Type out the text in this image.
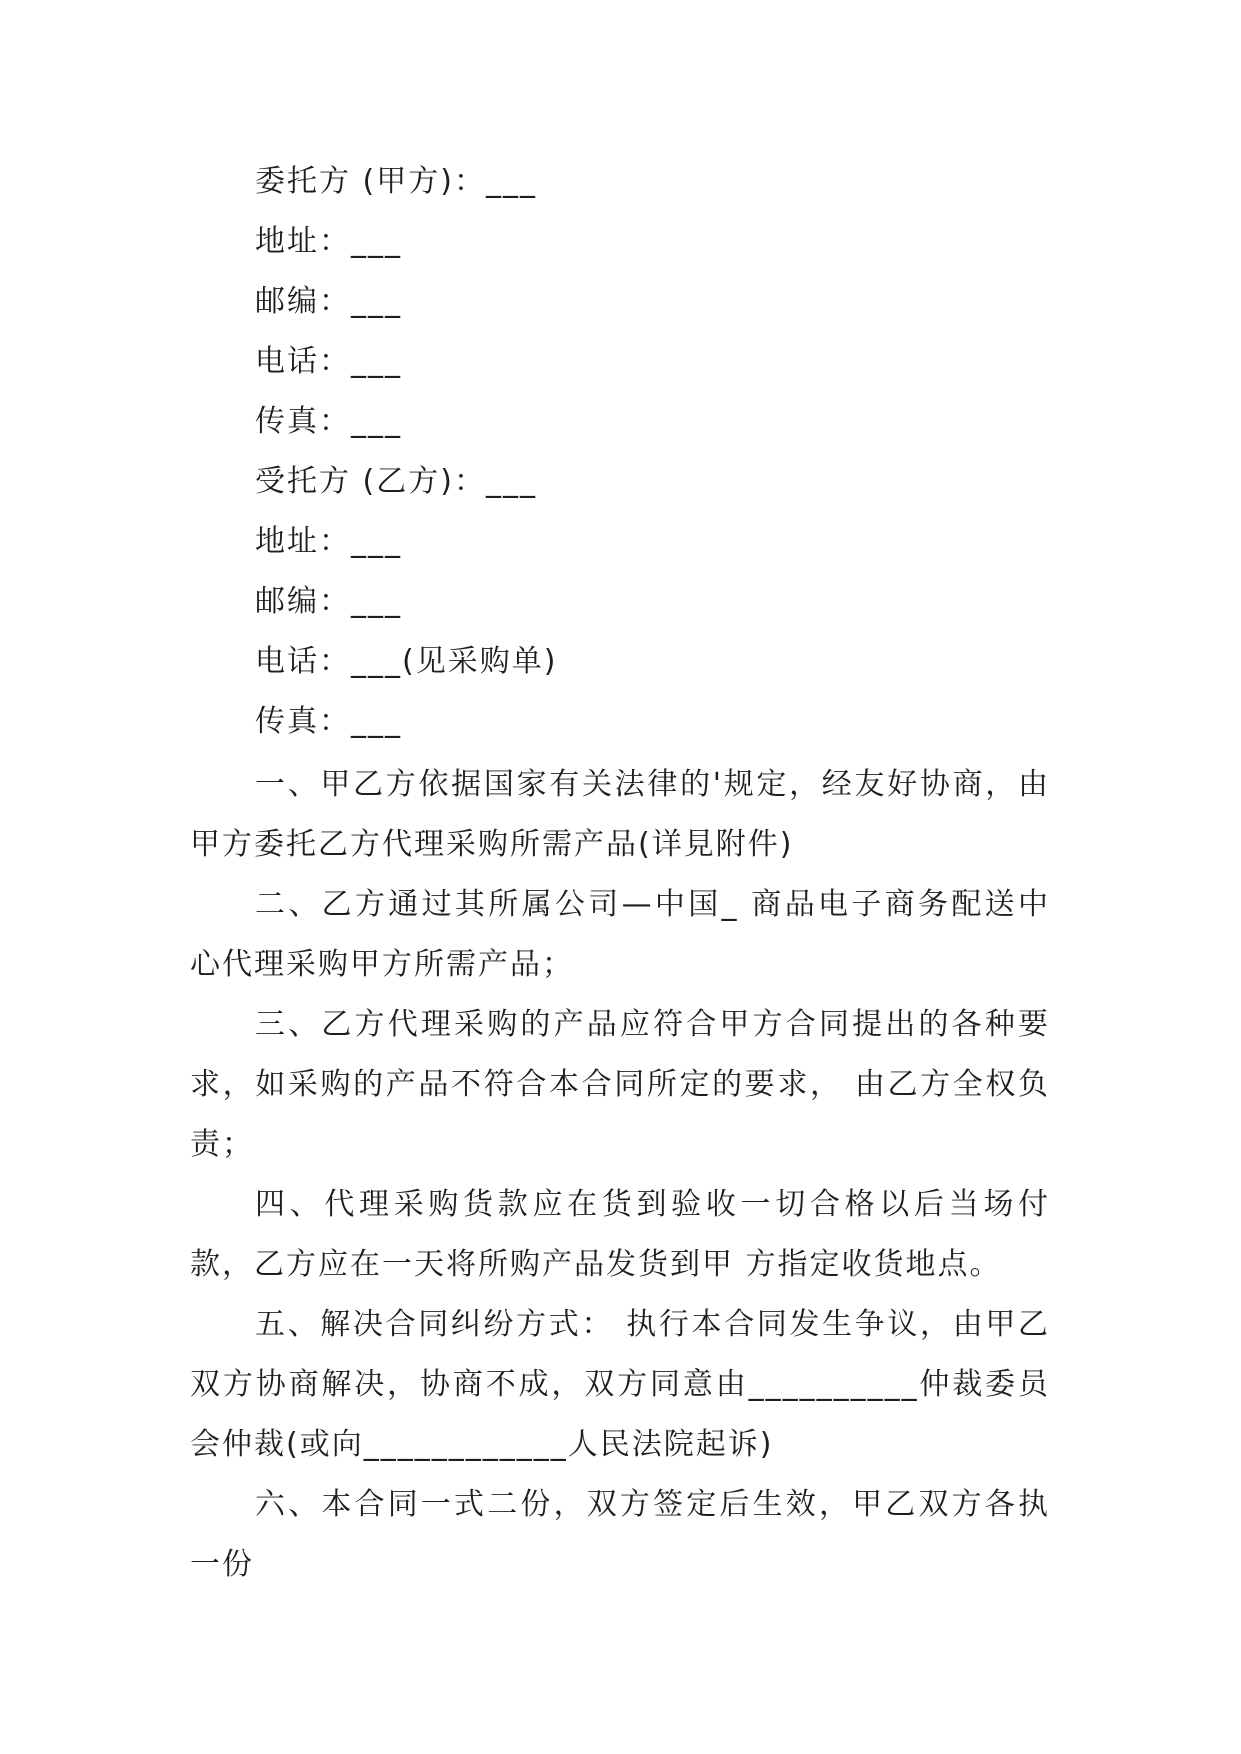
委托方 (甲方)：___
地址：___
邮编：___
电话：___
传真：___
受托方 (乙方)：___
地址：___
邮编：___
电话：___(见采购单)
传真：___

一、甲乙方依据国家有关法律的'规定，经友好协商，由甲方委托乙方代理采购所需产品(详見附件)

二、乙方通过其所属公司—中国_ 商品电子商务配送中心代理采购甲方所需产品；

三、乙方代理采购的产品应符合甲方合同提出的各种要求，如采购的产品不符合本合同所定的要求， 由乙方全权负责；

四、代理采购货款应在货到验收一切合格以后当场付款，乙方应在一天将所购产品发货到甲 方指定收货地点。

五、解决合同纠纷方式： 执行本合同发生争议，由甲乙双方协商解决，协商不成，双方同意由__________仲裁委员会仲裁(或向____________人民法院起诉)

六、本合同一式二份，双方签定后生效，甲乙双方各执一份
